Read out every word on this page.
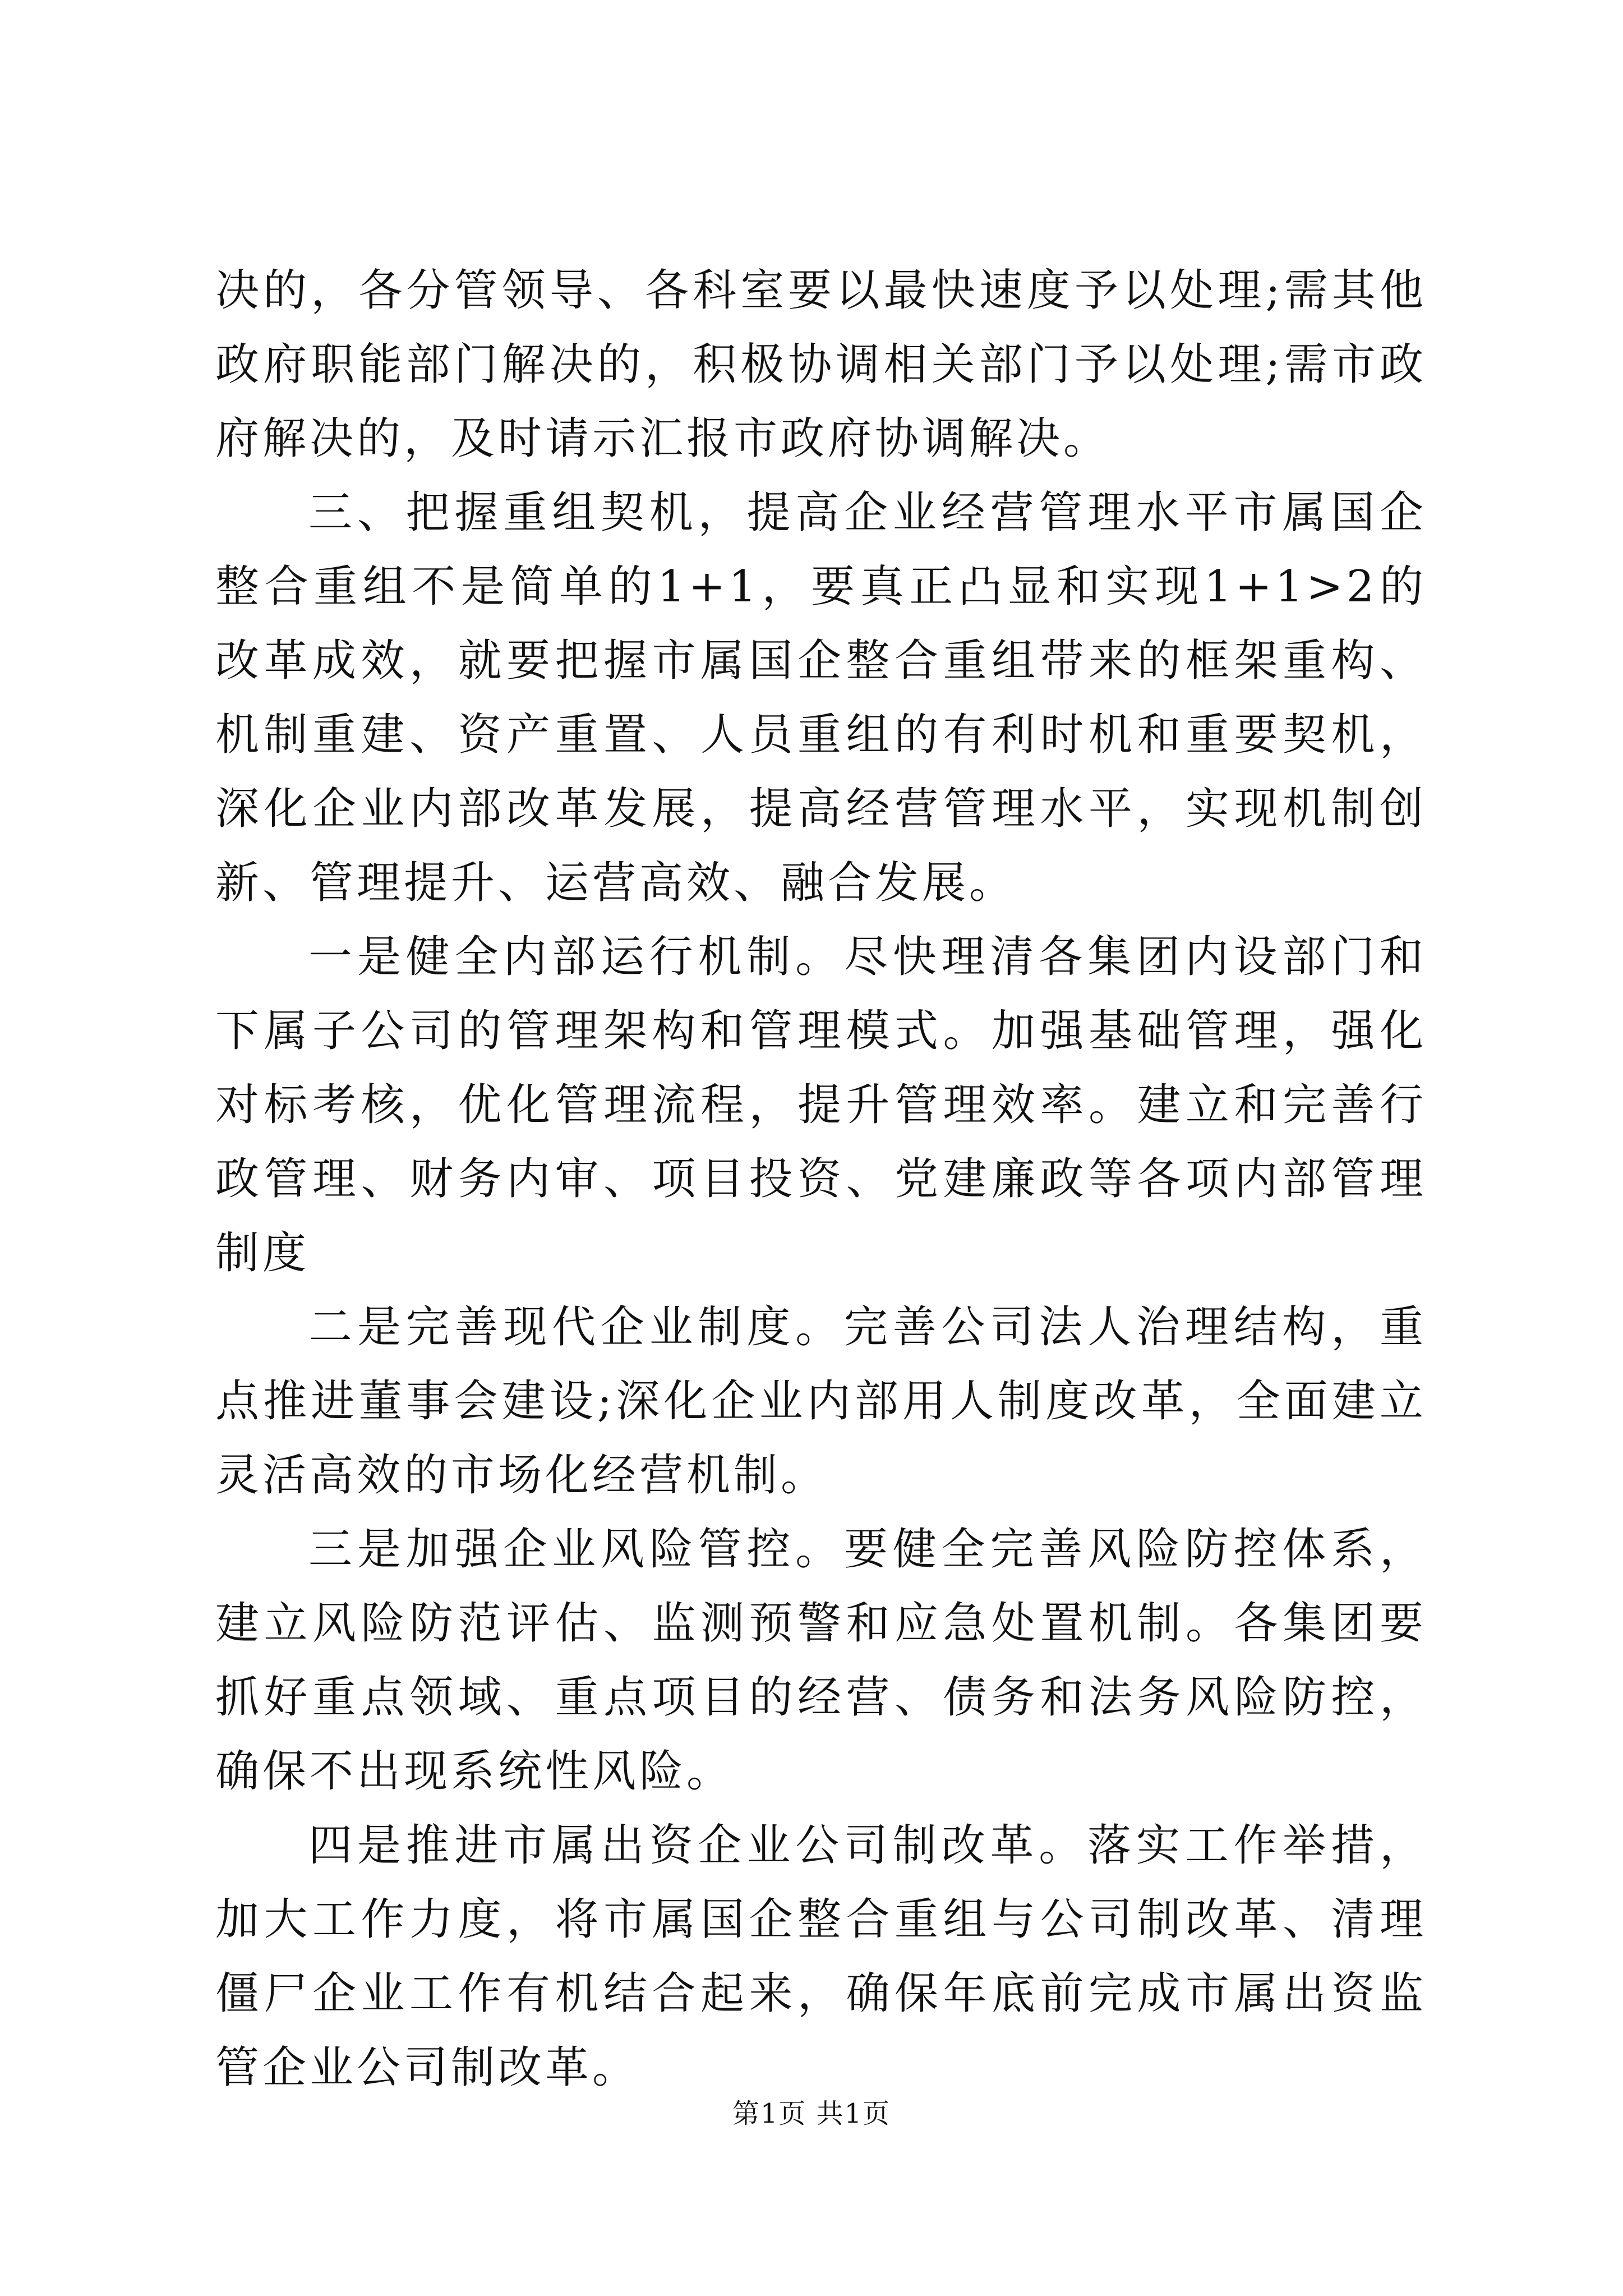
决的，各分管领导、各科室要以最快速度予以处理;需其他政府职能部门解决的，积极协调相关部门予以处理;需市政府解决的，及时请示汇报市政府协调解决。

三、把握重组契机，提高企业经营管理水平市属国企整合重组不是简单的1+1，要真正凸显和实现1+1>2的改革成效，就要把握市属国企整合重组带来的框架重构、机制重建、资产重置、人员重组的有利时机和重要契机，深化企业内部改革发展，提高经营管理水平，实现机制创新、管理提升、运营高效、融合发展。

一是健全内部运行机制。尽快理清各集团内设部门和下属子公司的管理架构和管理模式。加强基础管理，强化对标考核，优化管理流程，提升管理效率。建立和完善行政管理、财务内审、项目投资、党建廉政等各项内部管理制度

二是完善现代企业制度。完善公司法人治理结构，重点推进董事会建设;深化企业内部用人制度改革，全面建立灵活高效的市场化经营机制。

三是加强企业风险管控。要健全完善风险防控体系，建立风险防范评估、监测预警和应急处置机制。各集团要抓好重点领域、重点项目的经营、债务和法务风险防控，确保不出现系统性风险。

四是推进市属出资企业公司制改革。落实工作举措，加大工作力度，将市属国企整合重组与公司制改革、清理僵尸企业工作有机结合起来，确保年底前完成市属出资监管企业公司制改革。

第1页 共1页
